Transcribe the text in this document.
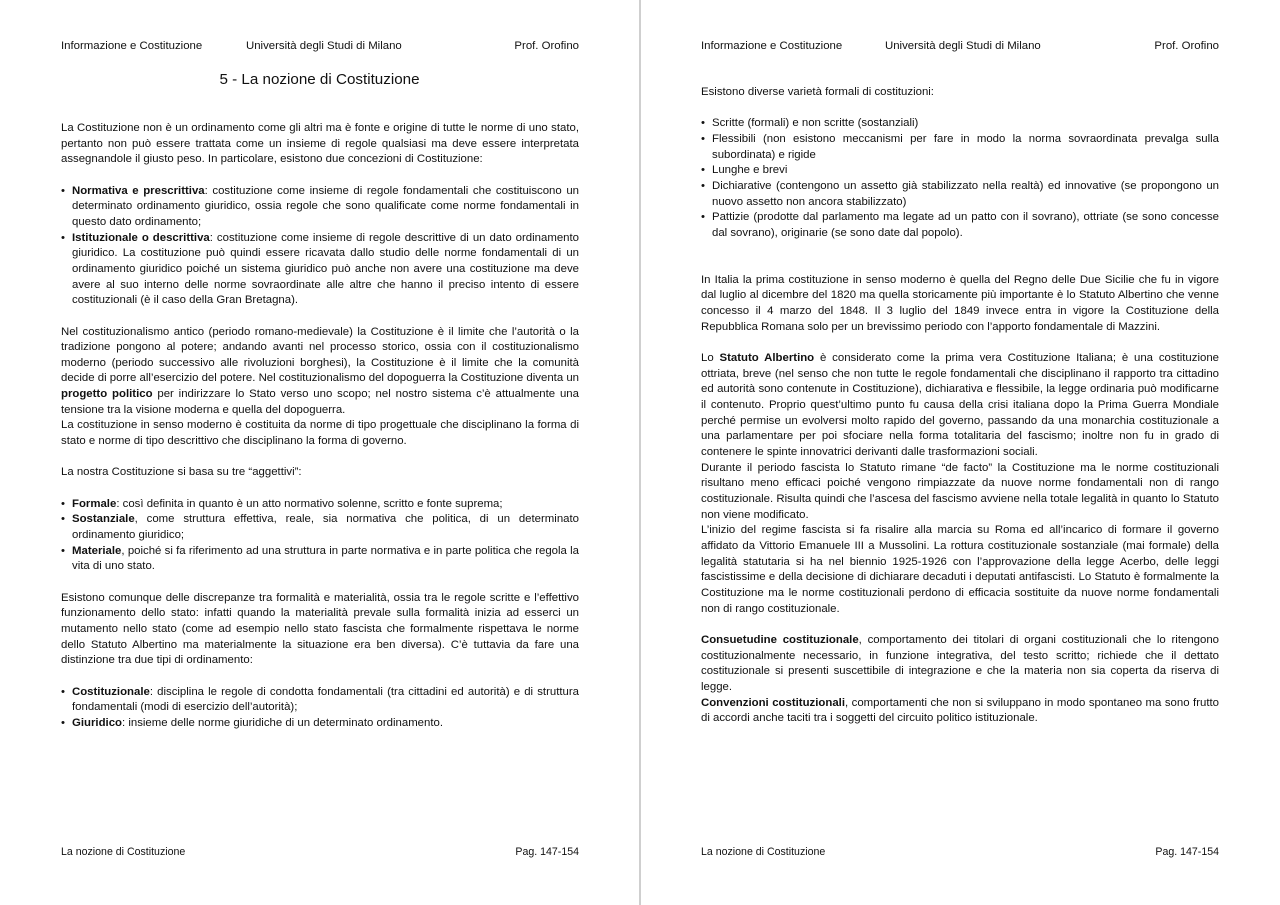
Informazione e Costituzione	Università degli Studi di Milano	Prof. Orofino
5 - La nozione di Costituzione

La Costituzione non è un ordinamento come gli altri ma è fonte e origine di tutte le norme di uno stato, pertanto non può essere trattata come un insieme di regole qualsiasi ma deve essere interpretata assegnandole il giusto peso. In particolare, esistono due concezioni di Costituzione:

• Normativa e prescrittiva: costituzione come insieme di regole fondamentali che costituiscono un determinato ordinamento giuridico, ossia regole che sono qualificate come norme fondamentali in questo dato ordinamento;
• Istituzionale o descrittiva: costituzione come insieme di regole descrittive di un dato ordinamento giuridico. La costituzione può quindi essere ricavata dallo studio delle norme fondamentali di un ordinamento giuridico poiché un sistema giuridico può anche non avere una costituzione ma deve avere al suo interno delle norme sovraordinate alle altre che hanno il preciso intento di essere costituzionali (è il caso della Gran Bretagna).

Nel costituzionalismo antico (periodo romano-medievale) la Costituzione è il limite che l’autorità o la tradizione pongono al potere; andando avanti nel processo storico, ossia con il costituzionalismo moderno (periodo successivo alle rivoluzioni borghesi), la Costituzione è il limite che la comunità decide di porre all’esercizio del potere. Nel costituzionalismo del dopoguerra la Costituzione diventa un progetto politico per indirizzare lo Stato verso uno scopo; nel nostro sistema c’è attualmente una tensione tra la visione moderna e quella del dopoguerra.

La costituzione in senso moderno è costituita da norme di tipo progettuale che disciplinano la forma di stato e norme di tipo descrittivo che disciplinano la forma di governo.

La nostra Costituzione si basa su tre “aggettivi”:

• Formale: così definita in quanto è un atto normativo solenne, scritto e fonte suprema;
• Sostanziale, come struttura effettiva, reale, sia normativa che politica, di un determinato ordinamento giuridico;
• Materiale, poiché si fa riferimento ad una struttura in parte normativa e in parte politica che regola la vita di uno stato.

Esistono comunque delle discrepanze tra formalità e materialità, ossia tra le regole scritte e l’effettivo funzionamento dello stato: infatti quando la materialità prevale sulla formalità inizia ad esserci un mutamento nello stato (come ad esempio nello stato fascista che formalmente rispettava le norme dello Statuto Albertino ma materialmente la situazione era ben diversa). C’è tuttavia da fare una distinzione tra due tipi di ordinamento:

• Costituzionale: disciplina le regole di condotta fondamentali (tra cittadini ed autorità) e di struttura fondamentali (modi di esercizio dell’autorità);
• Giuridico: insieme delle norme giuridiche di un determinato ordinamento.
La nozione di Costituzione	Pag. 147-154
Informazione e Costituzione	Università degli Studi di Milano	Prof. Orofino

Esistono diverse varietà formali di costituzioni:

• Scritte (formali) e non scritte (sostanziali)
• Flessibili (non esistono meccanismi per fare in modo la norma sovraordinata prevalga sulla subordinata) e rigide
• Lunghe e brevi
• Dichiarative (contengono un assetto già stabilizzato nella realtà) ed innovative (se propongono un nuovo assetto non ancora stabilizzato)
• Pattizie (prodotte dal parlamento ma legate ad un patto con il sovrano), ottriate (se sono concesse dal sovrano), originarie (se sono date dal popolo).

In Italia la prima costituzione in senso moderno è quella del Regno delle Due Sicilie che fu in vigore dal luglio al dicembre del 1820 ma quella storicamente più importante è lo Statuto Albertino che venne concesso il 4 marzo del 1848. Il 3 luglio del 1849 invece entra in vigore la Costituzione della Repubblica Romana solo per un brevissimo periodo con l’apporto fondamentale di Mazzini.

Lo Statuto Albertino è considerato come la prima vera Costituzione Italiana; è una costituzione ottriata, breve (nel senso che non tutte le regole fondamentali che disciplinano il rapporto tra cittadino ed autorità sono contenute in Costituzione), dichiarativa e flessibile, la legge ordinaria può modificarne il contenuto. Proprio quest’ultimo punto fu causa della crisi italiana dopo la Prima Guerra Mondiale perché permise un evolversi molto rapido del governo, passando da una monarchia costituzionale a una parlamentare per poi sfociare nella forma totalitaria del fascismo; inoltre non fu in grado di contenere le spinte innovatrici derivanti dalle trasformazioni sociali.

Durante il periodo fascista lo Statuto rimane “de facto” la Costituzione ma le norme costituzionali risultano meno efficaci poiché vengono rimpiazzate da nuove norme fondamentali non di rango costituzionale. Risulta quindi che l’ascesa del fascismo avviene nella totale legalità in quanto lo Statuto non viene modificato.

L’inizio del regime fascista si fa risalire alla marcia su Roma ed all’incarico di formare il governo affidato da Vittorio Emanuele III a Mussolini. La rottura costituzionale sostanziale (mai formale) della legalità statutaria si ha nel biennio 1925-1926 con l’approvazione della legge Acerbo, delle leggi fascistissime e della decisione di dichiarare decaduti i deputati antifascisti. Lo Statuto è formalmente la Costituzione ma le norme costituzionali perdono di efficacia sostituite da nuove norme fondamentali non di rango costituzionale.

Consuetudine costituzionale, comportamento dei titolari di organi costituzionali che lo ritengono costituzionalmente necessario, in funzione integrativa, del testo scritto; richiede che il dettato costituzionale si presenti suscettibile di integrazione e che la materia non sia coperta da riserva di legge.

Convenzioni costituzionali, comportamenti che non si sviluppano in modo spontaneo ma sono frutto di accordi anche taciti tra i soggetti del circuito politico istituzionale.

La nozione di Costituzione	Pag. 147-154
